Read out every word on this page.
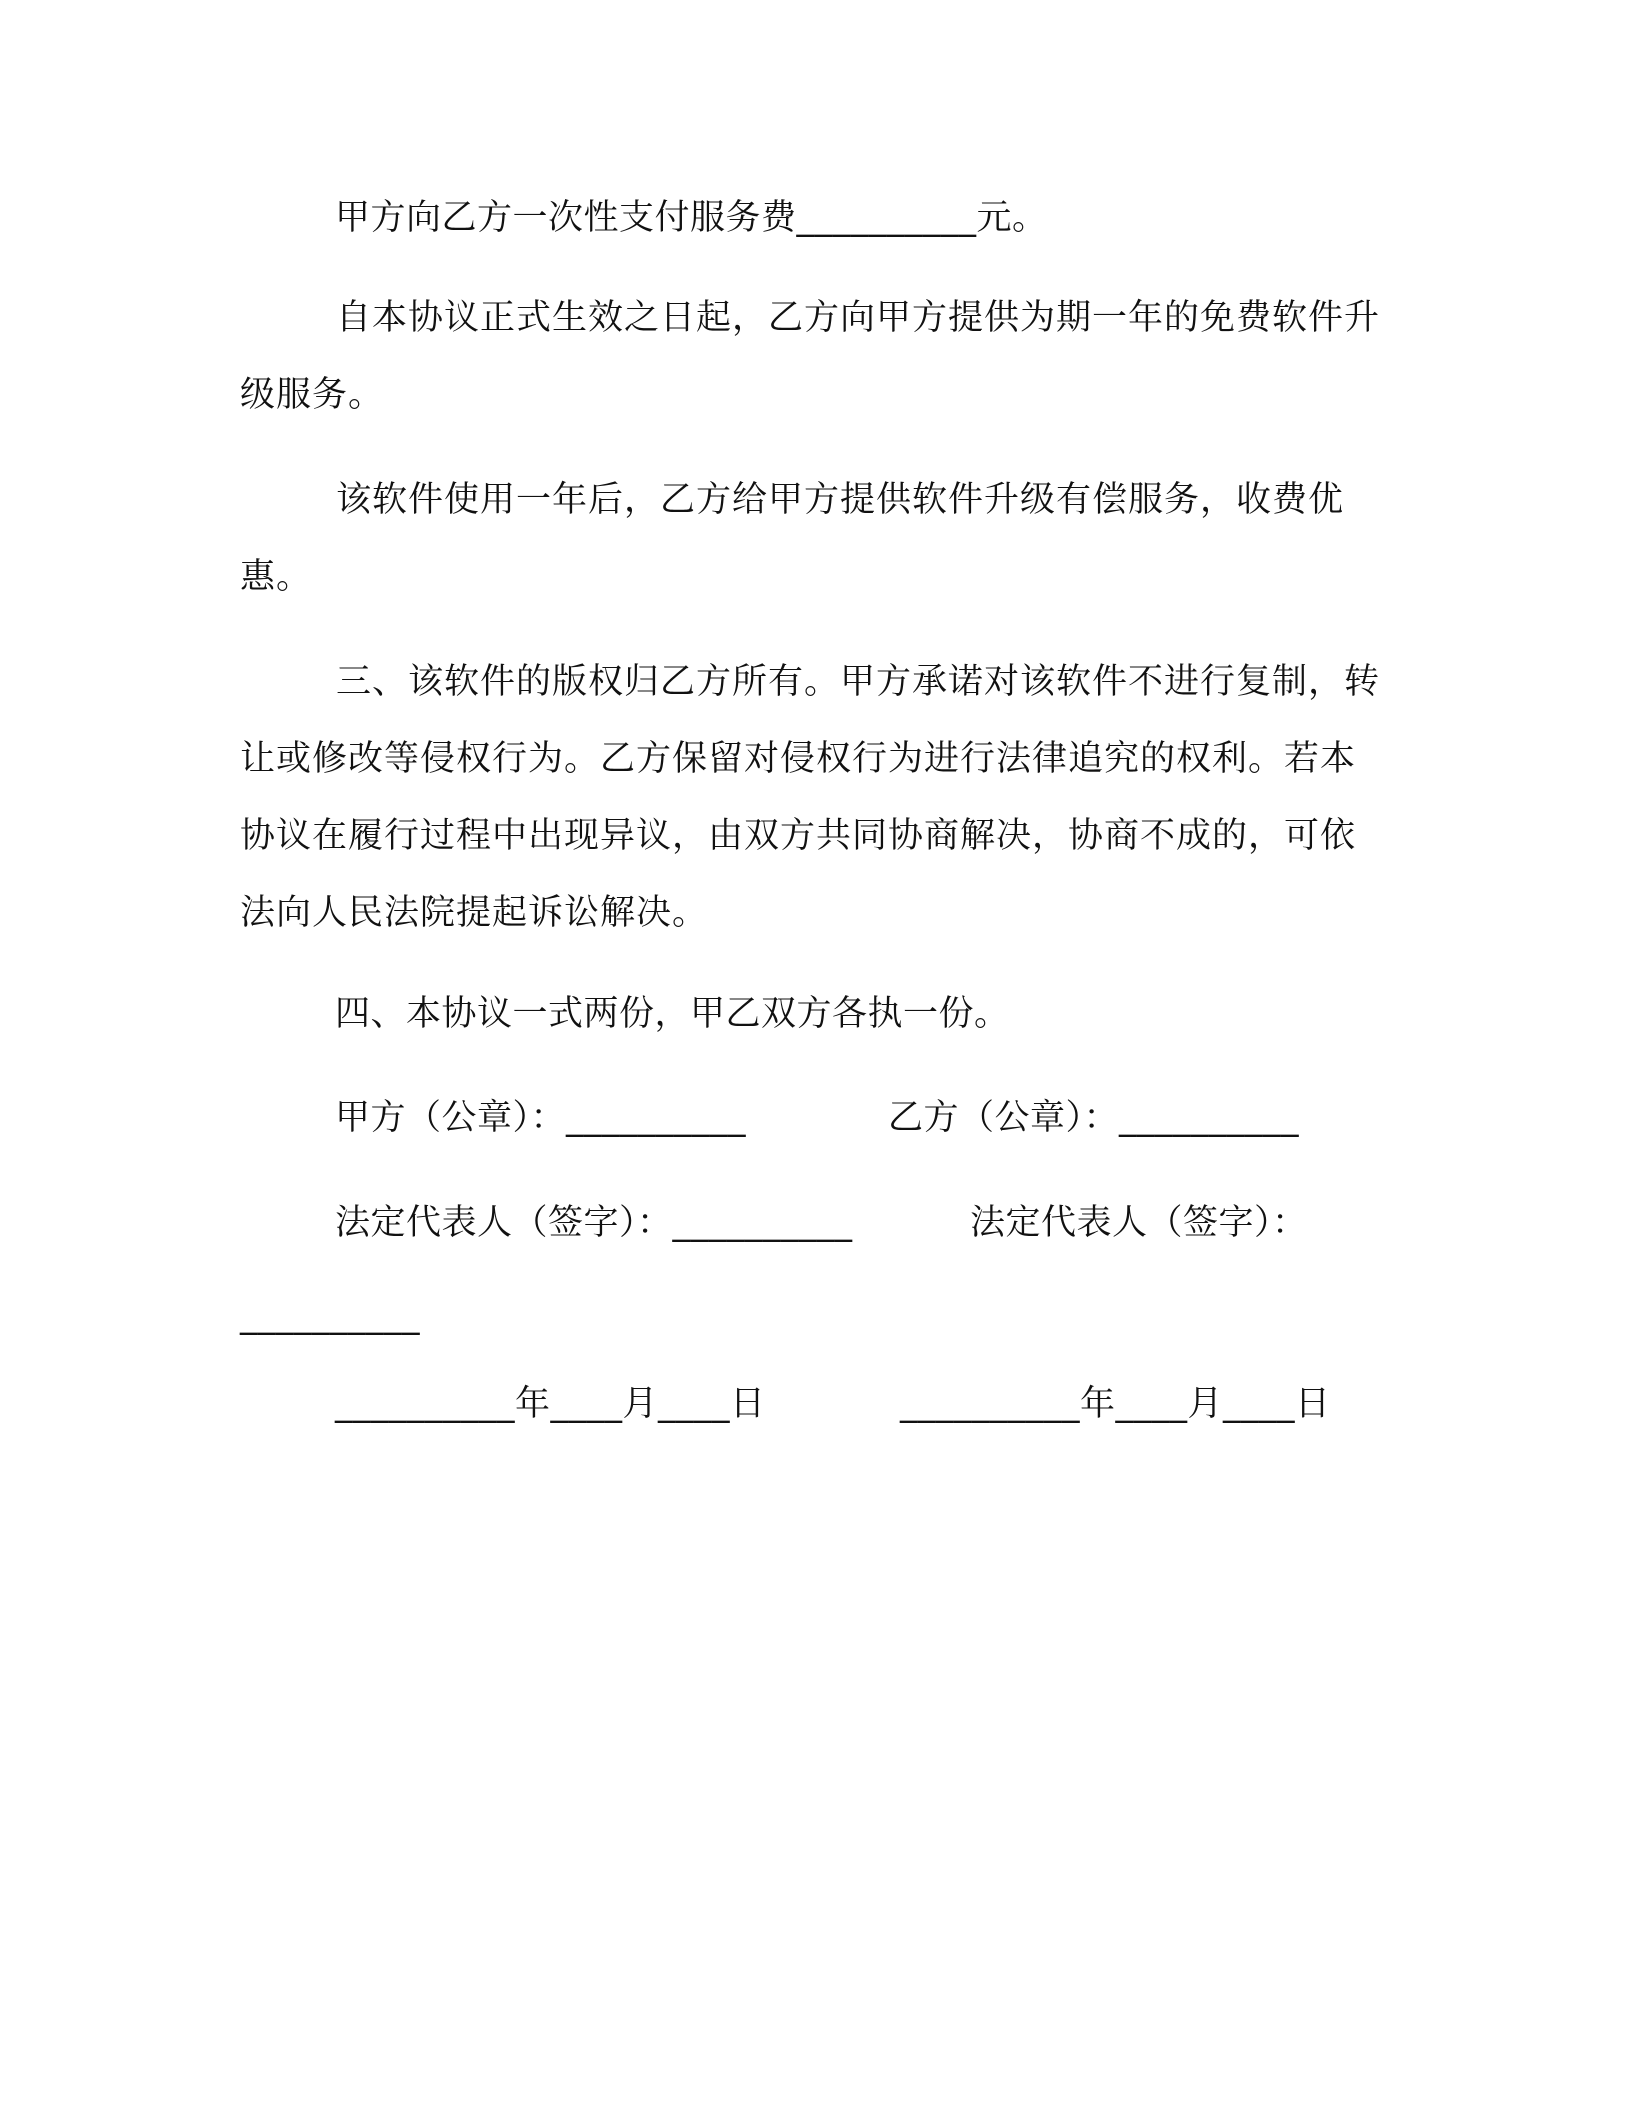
甲方向乙方一次性支付服务费__________元。
自本协议正式生效之日起，乙方向甲方提供为期一年的免费软件升级服务。
该软件使用一年后，乙方给甲方提供软件升级有偿服务，收费优惠。
三、该软件的版权归乙方所有。甲方承诺对该软件不进行复制，转让或修改等侵权行为。乙方保留对侵权行为进行法律追究的权利。若本协议在履行过程中出现异议，由双方共同协商解决，协商不成的，可依法向人民法院提起诉讼解决。
四、本协议一式两份，甲乙双方各执一份。
甲方（公章）：__________	乙方（公章）：__________
法定代表人（签字）：__________	法定代表人（签字）：
__________
__________年____月____日	__________年____月____日
